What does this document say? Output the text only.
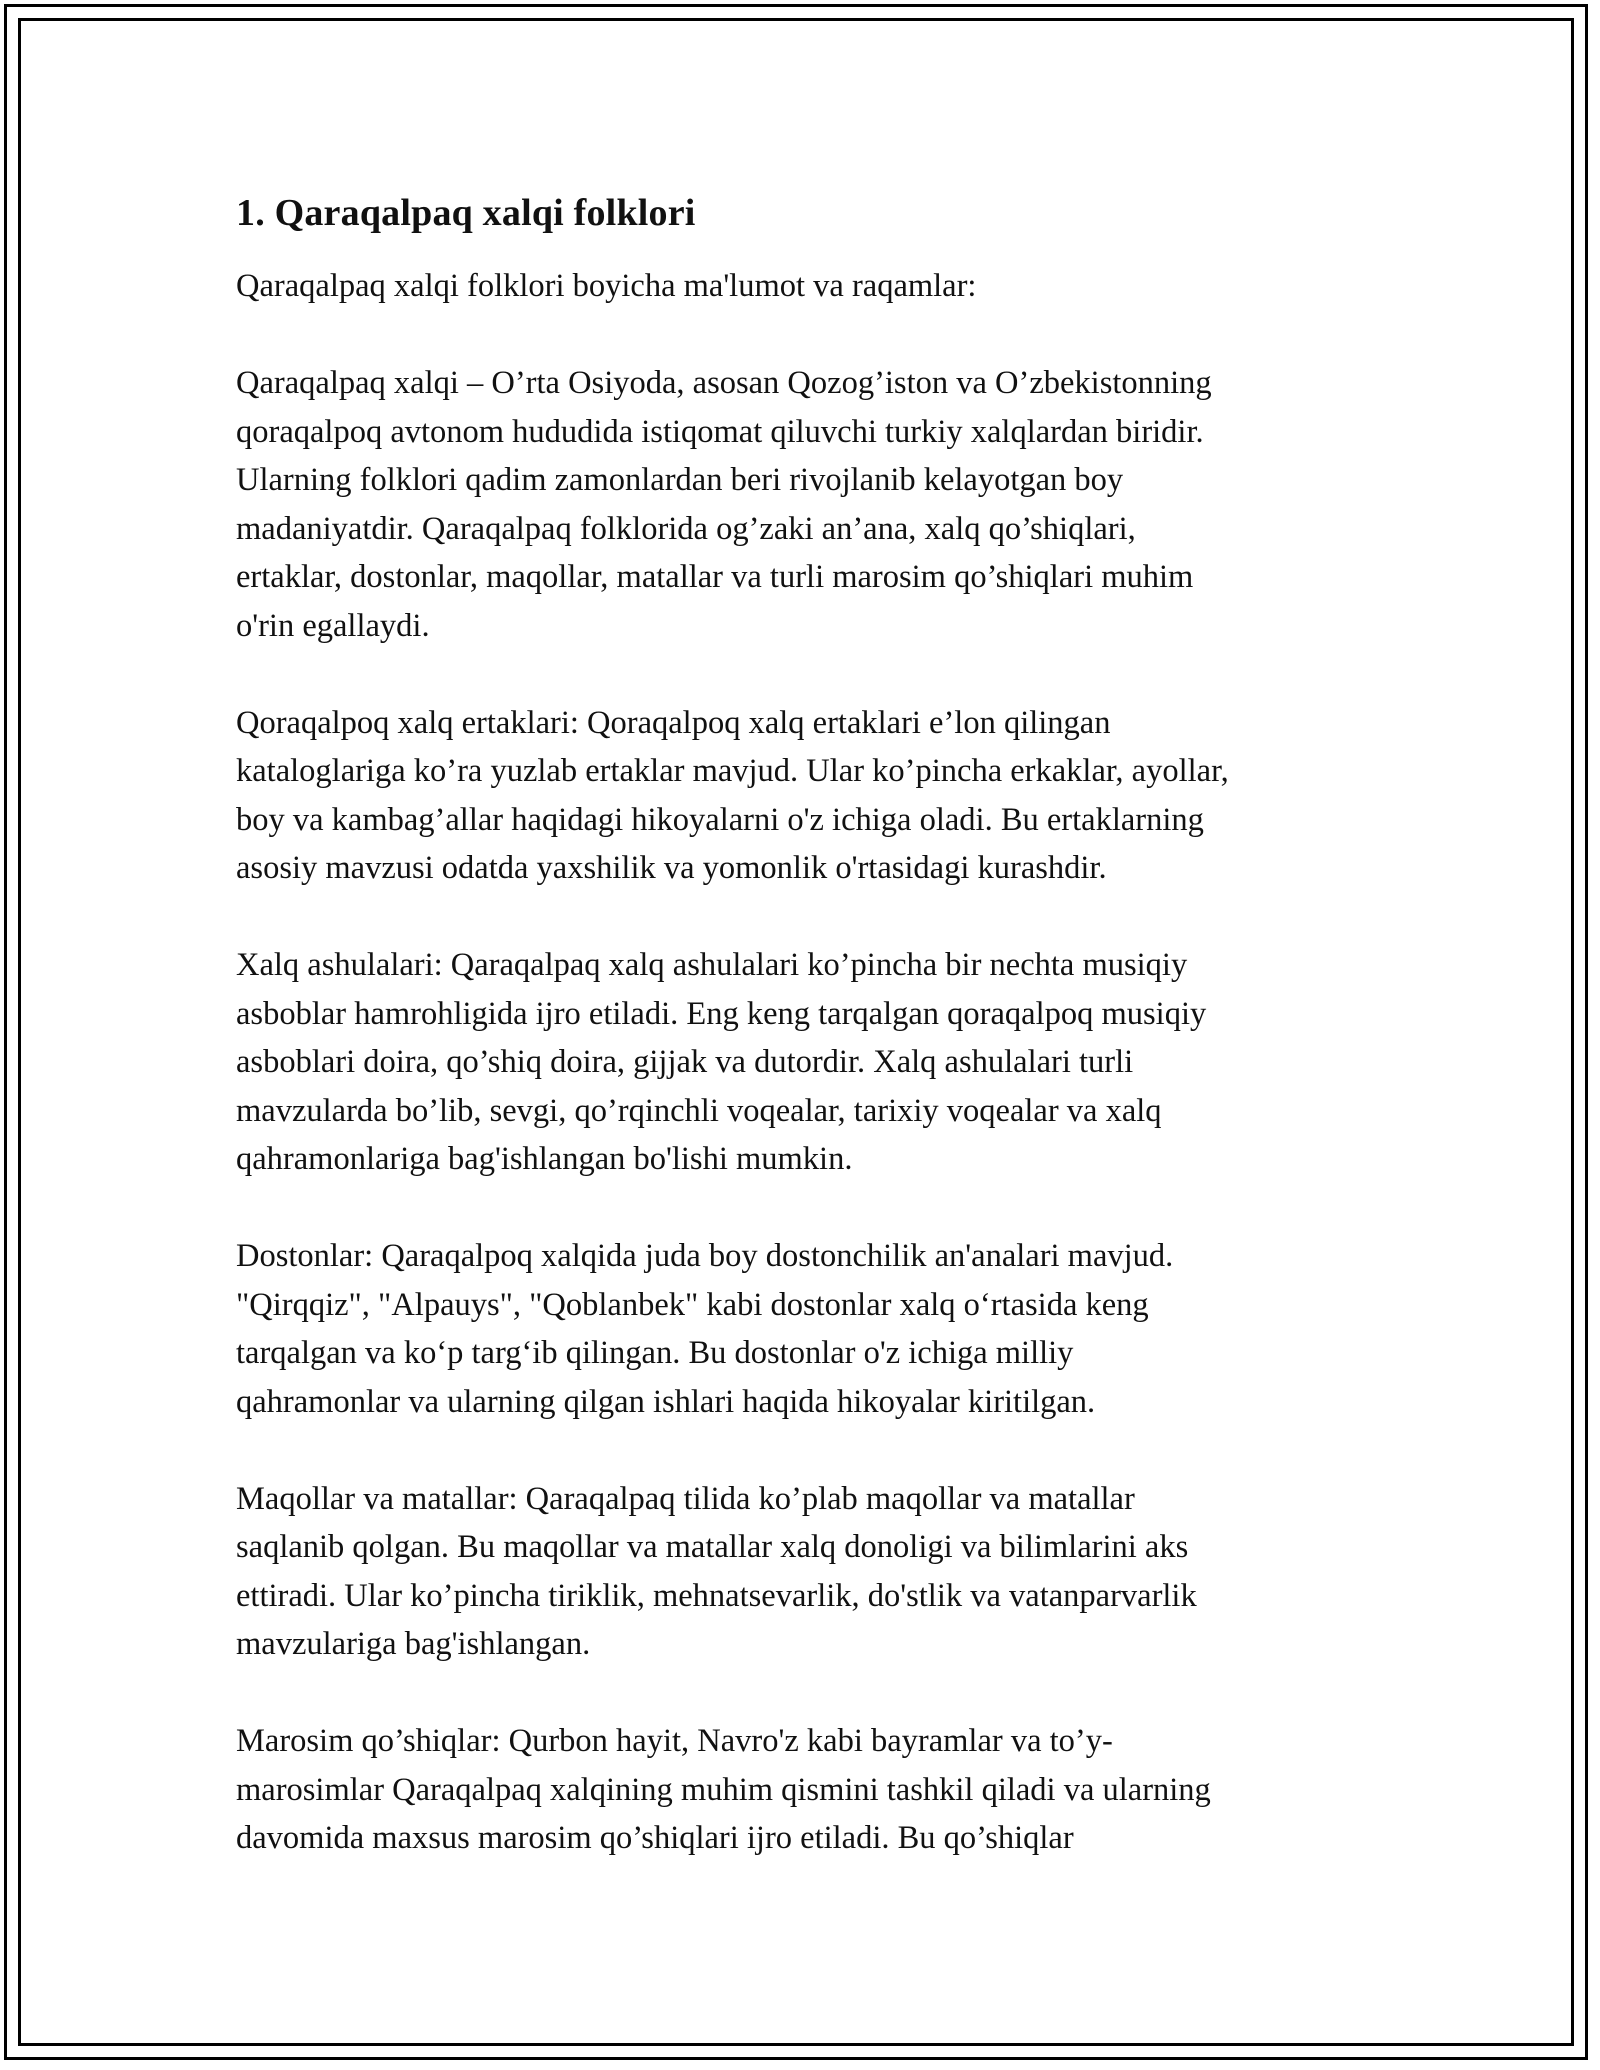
1. Qaraqalpaq xalqi folklori

Qaraqalpaq xalqi folklori boyicha ma'lumot va raqamlar:

Qaraqalpaq xalqi – O’rta Osiyoda, asosan Qozog’iston va O’zbekistonning
qoraqalpoq avtonom hududida istiqomat qiluvchi turkiy xalqlardan biridir.
Ularning folklori qadim zamonlardan beri rivojlanib kelayotgan boy
madaniyatdir. Qaraqalpaq folklorida og’zaki an’ana, xalq qo’shiqlari,
ertaklar, dostonlar, maqollar, matallar va turli marosim qo’shiqlari muhim
o'rin egallaydi.

Qoraqalpoq xalq ertaklari: Qoraqalpoq xalq ertaklari e’lon qilingan
kataloglariga ko’ra yuzlab ertaklar mavjud. Ular ko’pincha erkaklar, ayollar,
boy va kambag’allar haqidagi hikoyalarni o'z ichiga oladi. Bu ertaklarning
asosiy mavzusi odatda yaxshilik va yomonlik o'rtasidagi kurashdir.

Xalq ashulalari: Qaraqalpaq xalq ashulalari ko’pincha bir nechta musiqiy
asboblar hamrohligida ijro etiladi. Eng keng tarqalgan qoraqalpoq musiqiy
asboblari doira, qo’shiq doira, gijjak va dutordir. Xalq ashulalari turli
mavzularda bo’lib, sevgi, qo’rqinchli voqealar, tarixiy voqealar va xalq
qahramonlariga bag'ishlangan bo'lishi mumkin.

Dostonlar: Qaraqalpoq xalqida juda boy dostonchilik an'analari mavjud.
"Qirqqiz", "Alpauys", "Qoblanbek" kabi dostonlar xalq o‘rtasida keng
tarqalgan va ko‘p targ‘ib qilingan. Bu dostonlar o'z ichiga milliy
qahramonlar va ularning qilgan ishlari haqida hikoyalar kiritilgan.

Maqollar va matallar: Qaraqalpaq tilida ko’plab maqollar va matallar
saqlanib qolgan. Bu maqollar va matallar xalq donoligi va bilimlarini aks
ettiradi. Ular ko’pincha tiriklik, mehnatsevarlik, do'stlik va vatanparvarlik
mavzulariga bag'ishlangan.

Marosim qo’shiqlar: Qurbon hayit, Navro'z kabi bayramlar va to’y-
marosimlar Qaraqalpaq xalqining muhim qismini tashkil qiladi va ularning
davomida maxsus marosim qo’shiqlari ijro etiladi. Bu qo’shiqlar
